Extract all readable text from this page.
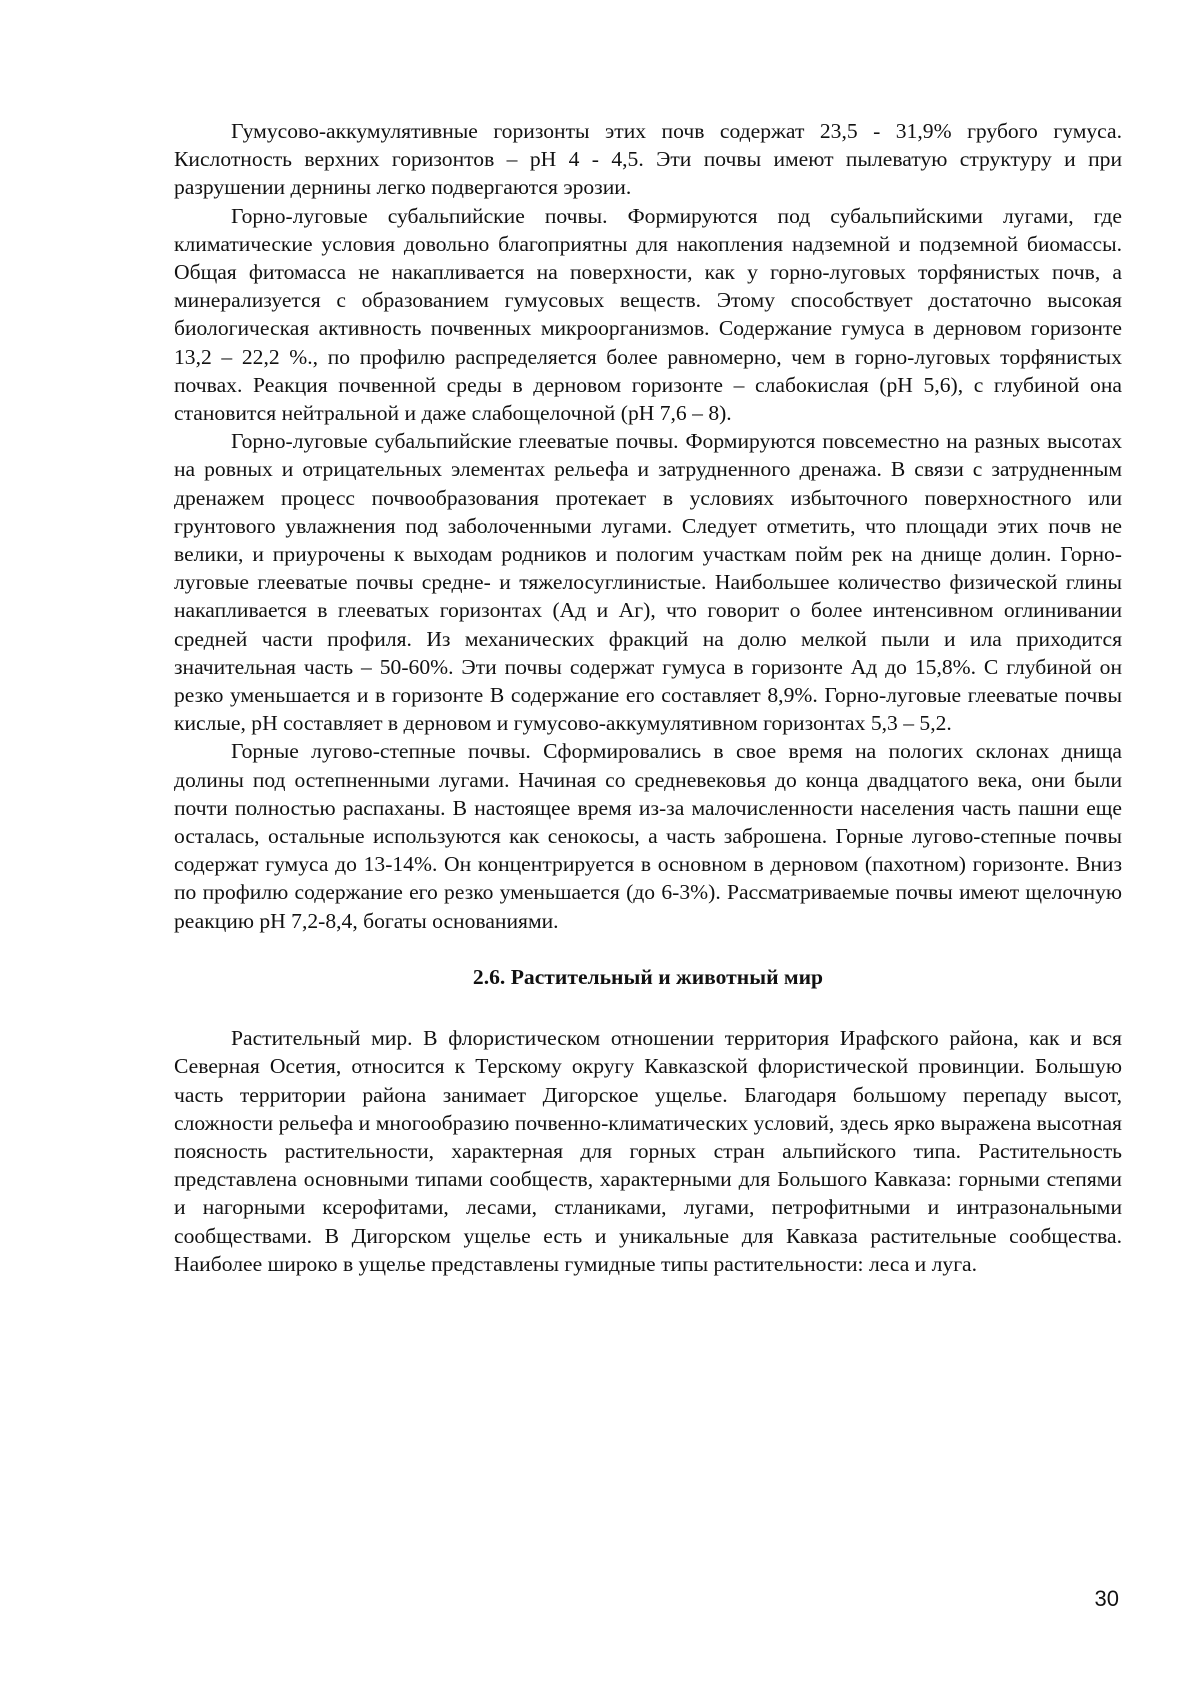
Гумусово-аккумулятивные горизонты этих почв содержат 23,5 - 31,9% грубого гумуса. Кислотность верхних горизонтов – pH 4 - 4,5. Эти почвы имеют пылеватую структуру и при разрушении дернины легко подвергаются эрозии.

Горно-луговые субальпийские почвы. Формируются под субальпийскими лугами, где климатические условия довольно благоприятны для накопления надземной и подземной биомассы. Общая фитомасса не накапливается на поверхности, как у горно-луговых торфянистых почв, а минерализуется с образованием гумусовых веществ. Этому способствует достаточно высокая биологическая активность почвенных микроорганизмов. Содержание гумуса в дерновом горизонте 13,2 – 22,2 %., по профилю распределяется более равномерно, чем в горно-луговых торфянистых почвах. Реакция почвенной среды в дерновом горизонте – слабокислая (pH 5,6), с глубиной она становится нейтральной и даже слабощелочной (pH 7,6 – 8).

Горно-луговые субальпийские глееватые почвы. Формируются повсеместно на разных высотах на ровных и отрицательных элементах рельефа и затрудненного дренажа. В связи с затрудненным дренажем процесс почвообразования протекает в условиях избыточного поверхностного или грунтового увлажнения под заболоченными лугами. Следует отметить, что площади этих почв не велики, и приурочены к выходам родников и пологим участкам пойм рек на днище долин. Горно-луговые глееватые почвы средне- и тяжелосуглинистые. Наибольшее количество физической глины накапливается в глееватых горизонтах (Ад и Аг), что говорит о более интенсивном оглинивании средней части профиля. Из механических фракций на долю мелкой пыли и ила приходится значительная часть – 50-60%. Эти почвы содержат гумуса в горизонте Ад до 15,8%. С глубиной он резко уменьшается и в горизонте В содержание его составляет 8,9%. Горно-луговые глееватые почвы кислые, pH составляет в дерновом и гумусово-аккумулятивном горизонтах 5,3 – 5,2.

Горные лугово-степные почвы. Сформировались в свое время на пологих склонах днища долины под остепненными лугами. Начиная со средневековья до конца двадцатого века, они были почти полностью распаханы. В настоящее время из-за малочисленности населения часть пашни еще осталась, остальные используются как сенокосы, а часть заброшена. Горные лугово-степные почвы содержат гумуса до 13-14%. Он концентрируется в основном в дерновом (пахотном) горизонте. Вниз по профилю содержание его резко уменьшается (до 6-3%). Рассматриваемые почвы имеют щелочную реакцию pH 7,2-8,4, богаты основаниями.

2.6. Растительный и животный мир

Растительный мир. В флористическом отношении территория Ирафского района, как и вся Северная Осетия, относится к Терскому округу Кавказской флористической провинции. Большую часть территории района занимает Дигорское ущелье. Благодаря большому перепаду высот, сложности рельефа и многообразию почвенно-климатических условий, здесь ярко выражена высотная поясность растительности, характерная для горных стран альпийского типа. Растительность представлена основными типами сообществ, характерными для Большого Кавказа: горными степями и нагорными ксерофитами, лесами, стланиками, лугами, петрофитными и интразональными сообществами. В Дигорском ущелье есть и уникальные для Кавказа растительные сообщества. Наиболее широко в ущелье представлены гумидные типы растительности: леса и луга.

30
